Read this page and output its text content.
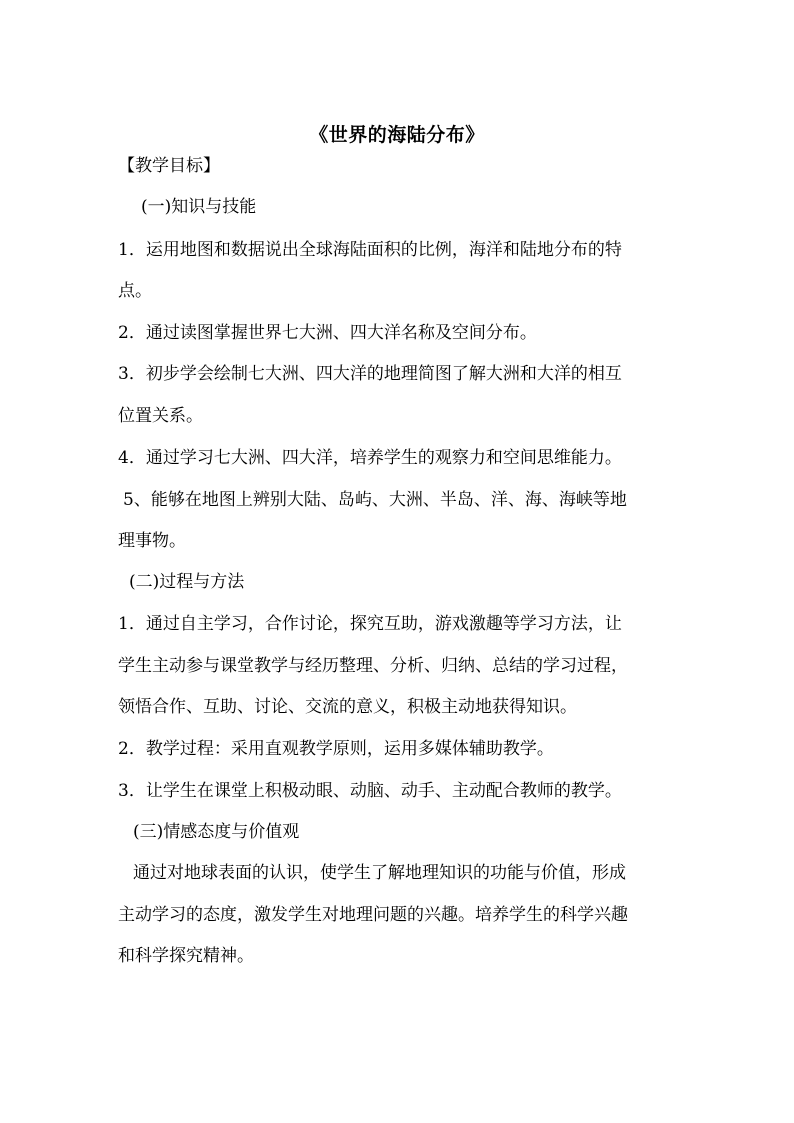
《世界的海陆分布》
【教学目标】
(一)知识与技能
1．运用地图和数据说出全球海陆面积的比例，海洋和陆地分布的特
点。
2．通过读图掌握世界七大洲、四大洋名称及空间分布。
3．初步学会绘制七大洲、四大洋的地理简图了解大洲和大洋的相互
位置关系。
4．通过学习七大洲、四大洋，培养学生的观察力和空间思维能力。
5、能够在地图上辨别大陆、岛屿、大洲、半岛、洋、海、海峡等地
理事物。
(二)过程与方法
1．通过自主学习，合作讨论，探究互助，游戏激趣等学习方法，让
学生主动参与课堂教学与经历整理、分析、归纳、总结的学习过程，
领悟合作、互助、讨论、交流的意义，积极主动地获得知识。
2．教学过程：采用直观教学原则，运用多媒体辅助教学。
3．让学生在课堂上积极动眼、动脑、动手、主动配合教师的教学。
(三)情感态度与价值观
通过对地球表面的认识，使学生了解地理知识的功能与价值，形成
主动学习的态度，激发学生对地理问题的兴趣。培养学生的科学兴趣
和科学探究精神。
